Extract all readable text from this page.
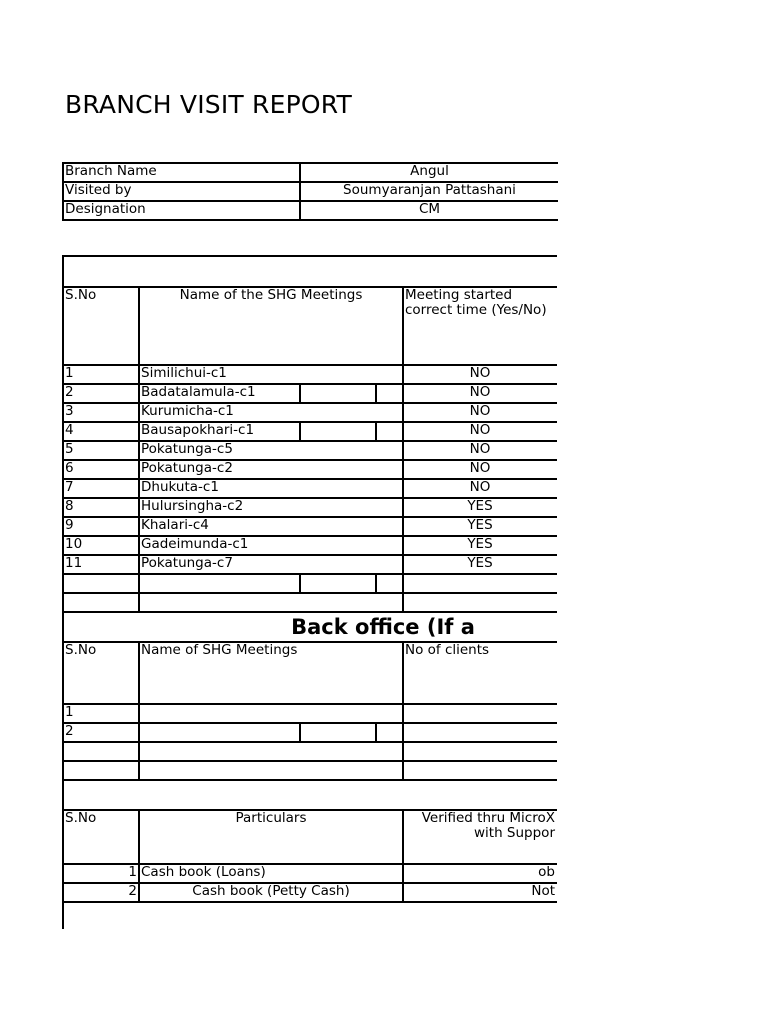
BRANCH VISIT REPORT
Branch Name	Angul
Visited by	Soumyaranjan Pattashani
Designation	CM

S.No	Name of the SHG Meetings			Meeting started correct time (Yes/No)

1	Similichui-c1			NO

2	Badatalamula-c1			NO

3	Kurumicha-c1			NO

4	Bausapokhari-c1			NO

5	Pokatunga-c5			NO

6	Pokatunga-c2			NO

7	Dhukuta-c1			NO

8	Hulursingha-c2			YES

9	Khalari-c4			YES

10	Gadeimunda-c1			YES

11	Pokatunga-c7			YES

Back office (If a				
S.No	Name of SHG Meetings			No of clients
1				
2				

S.No	Particulars			Verified thru MicroX with Suppor

1	Cash book (Loans)			ob

2	Cash book (Petty Cash)			Not
